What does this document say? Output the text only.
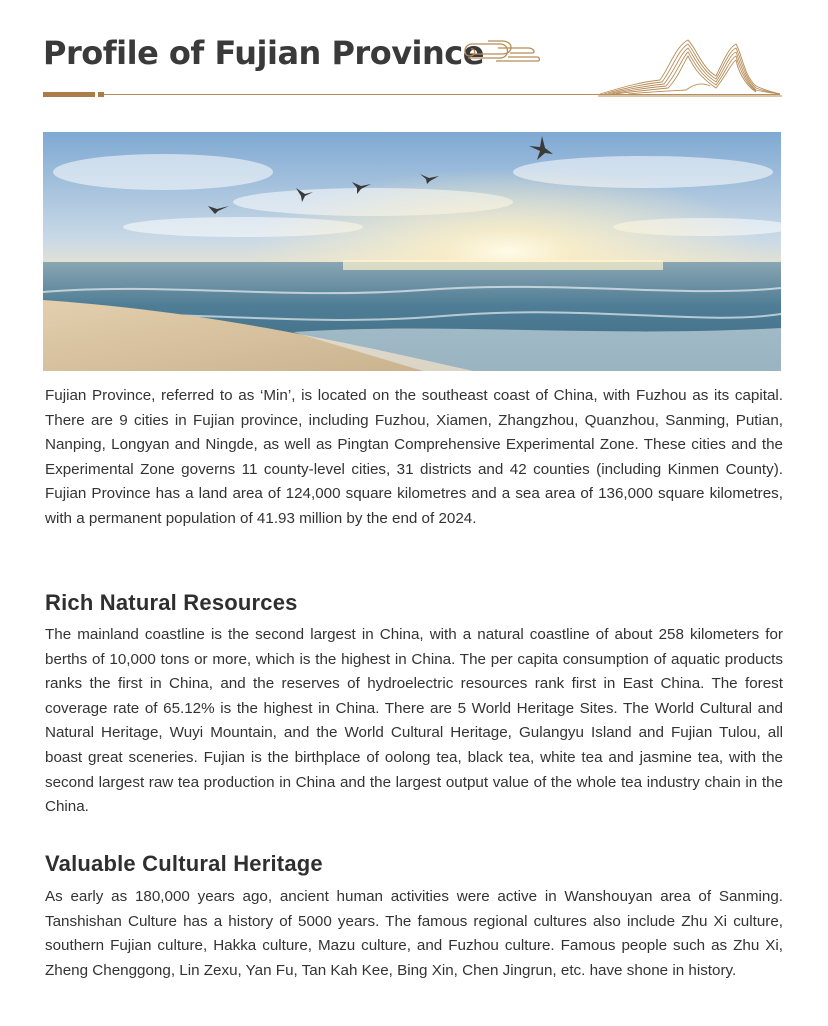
Profile of Fujian Province

Fujian Province, referred to as ‘Min’, is located on the southeast coast of China, with Fuzhou as its capital. There are 9 cities in Fujian province, including Fuzhou, Xiamen, Zhangzhou, Quanzhou, Sanming, Putian, Nanping, Longyan and Ningde, as well as Pingtan Comprehensive Experimental Zone. These cities and the Experimental Zone governs 11 county-level cities, 31 districts and 42 counties (including Kinmen County). Fujian Province has a land area of 124,000 square kilometres and a sea area of 136,000 square kilometres, with a permanent population of 41.93 million by the end of 2024.

Rich Natural Resources

The mainland coastline is the second largest in China, with a natural coastline of about 258 kilometers for berths of 10,000 tons or more, which is the highest in China. The per capita consumption of aquatic products ranks the first in China, and the reserves of hydroelectric resources rank first in East China. The forest coverage rate of 65.12% is the highest in China. There are 5 World Heritage Sites. The World Cultural and Natural Heritage, Wuyi Mountain, and the World Cultural Heritage, Gulangyu Island and Fujian Tulou, all boast great sceneries. Fujian is the birthplace of oolong tea, black tea, white tea and jasmine tea, with the second largest raw tea production in China and the largest output value of the whole tea industry chain in the China.

Valuable Cultural Heritage

As early as 180,000 years ago, ancient human activities were active in Wanshouyan area of Sanming. Tanshishan Culture has a history of 5000 years. The famous regional cultures also include Zhu Xi culture, southern Fujian culture, Hakka culture, Mazu culture, and Fuzhou culture. Famous people such as Zhu Xi, Zheng Chenggong, Lin Zexu, Yan Fu, Tan Kah Kee, Bing Xin, Chen Jingrun, etc. have shone in history.
